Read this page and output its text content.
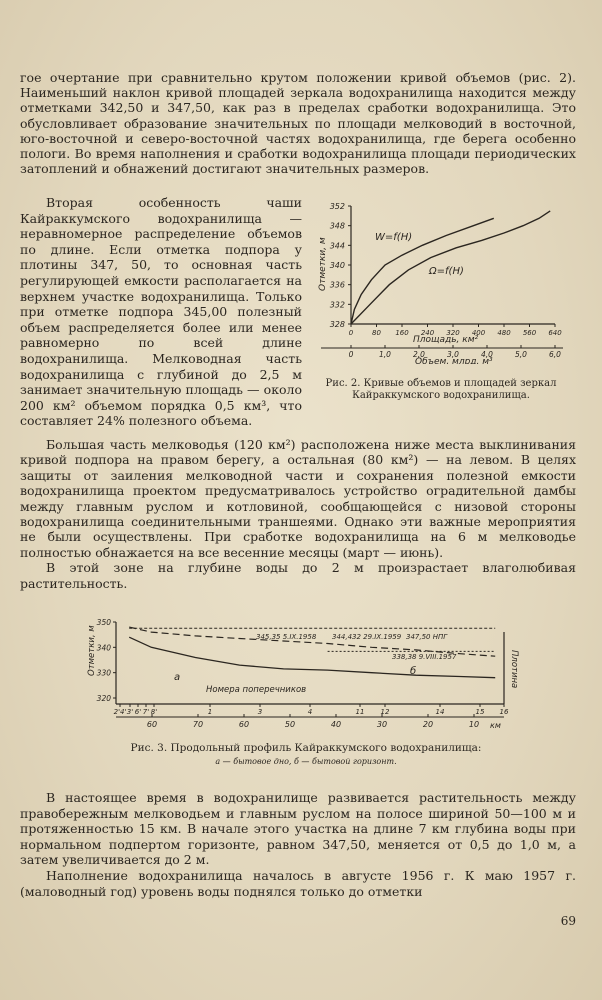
гое очертание при сравнительно крутом положении кривой объемов (рис. 2). Наименьший наклон кривой площадей зеркала водохранилища находится между отметками 342,50 и 347,50, как раз в пределах сработки водохранилища. Это обусловливает образование значительных по площади мелководий в восточной, юго-восточной и северо-восточной частях водохранилища, где берега особенно пологи. Во время наполнения и сработки водохранилища площади периодических затоплений и обнажений достигают значительных размеров.

Вторая особенность чаши Кайраккумского водохранилища — неравномерное распределение объемов по длине. Если отметка подпора у плотины 347, 50, то основная часть регулирующей емкости располагается на верхнем участке водохранилища. Только при отметке подпора 345,00 полезный объем распределяется более или менее равномерно по всей длине водохранилища. Мелководная часть водохранилища с глубиной до 2,5 м занимает значительную площадь — около 200 км² объемом порядка 0,5 км³, что составляет 24% полезного объема.

352
348
344
340
336
332
328
0	80 160 240 320 400 480 560 640
0	1,0	2,0	3,0	4,0	5,0	6,0
W=f(H)
Ω=f(H)
Отметки, м
Площадь, км²
Объем, млрд. м³
Рис. 2. Кривые объемов и площадей зеркал Кайраккумского водохранилища.

Большая часть мелководья (120 км²) расположена ниже места выклинивания кривой подпора на правом берегу, а остальная (80 км²) — на левом. В целях защиты от заиления мелководной части и сохранения полезной емкости водохранилища проектом предусматривалось устройство оградительной дамбы между главным руслом и котловиной, сообщающейся с низовой стороны водохранилища соединительными траншеями. Однако эти важные мероприятия не были осуществлены. При сработке водохранилища на 6 м мелководье полностью обнажается на все весенние месяцы (март — июнь).

В этой зоне на глубине воды до 2 м произрастает влаголюбивая растительность.

350
340
330
320
2'4' 3' 6' 7' 8'	1	3	4	11 12	14	15 16
60	70	60	50	40	30	20	10
Отметки, м	Плотина
Номера поперечников
а
б
345,35 5.IX.1958 344,432 29.IX.1959 347,50 НПГ
338,38 9.VIII.1957
км
Рис. 3. Продольный профиль Кайраккумского водохранилища:
а — бытовое дно, б — бытовой горизонт.

В настоящее время в водохранилище развивается растительность между правобережным мелководьем и главным руслом на полосе шириной 50—100 м и протяженностью 15 км. В начале этого участка на длине 7 км глубина воды при нормальном подпертом горизонте, равном 347,50, меняется от 0,5 до 1,0 м, а затем увеличивается до 2 м.

Наполнение водохранилища началось в августе 1956 г. К маю 1957 г. (маловодный год) уровень воды поднялся только до отметки

69
